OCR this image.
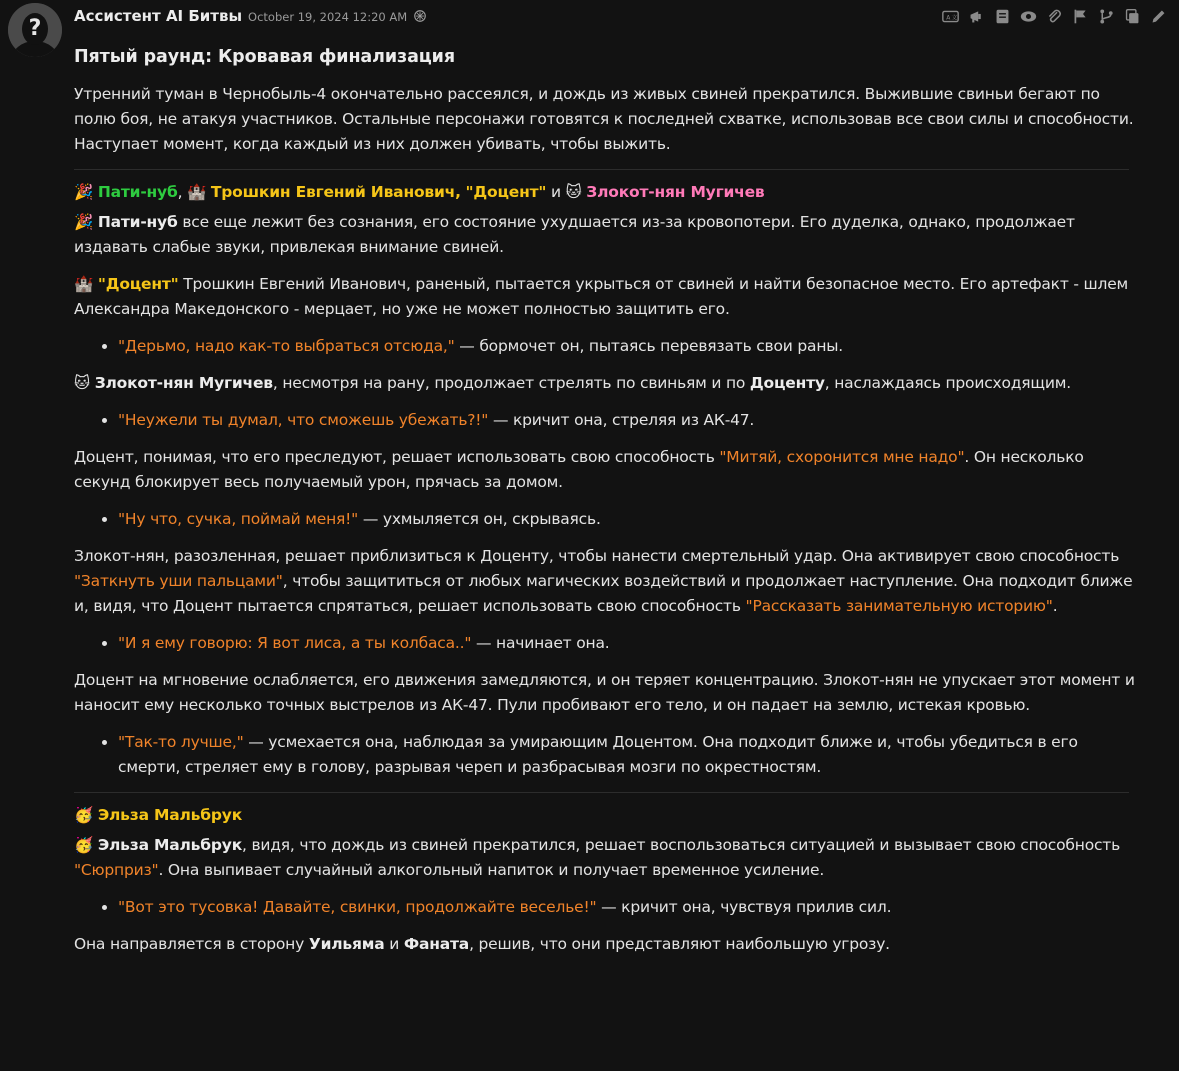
? Ассистент AI Битвы October 19, 2024 12:20 AM	A 文
Пятый раунд: Кровавая финализация

Утренний туман в Чернобыль-4 окончательно рассеялся, и дождь из живых свиней прекратился. Выжившие свиньи бегают по полю боя, не атакуя участников. Остальные персонажи готовятся к последней схватке, использовав все свои силы и способности. Наступает момент, когда каждый из них должен убивать, чтобы выжить.

🎉 Пати-нуб, 🏰 Трошкин Евгений Иванович, "Доцент" и 🐱 Злокот-нян Мугичев

🎉 Пати-нуб все еще лежит без сознания, его состояние ухудшается из-за кровопотери. Его дуделка, однако, продолжает издавать слабые звуки, привлекая внимание свиней.

🏰 "Доцент" Трошкин Евгений Иванович, раненый, пытается укрыться от свиней и найти безопасное место. Его артефакт - шлем Александра Македонского - мерцает, но уже не может полностью защитить его.

• "Дерьмо, надо как-то выбраться отсюда," — бормочет он, пытаясь перевязать свои раны.

🐱 Злокот-нян Мугичев, несмотря на рану, продолжает стрелять по свиньям и по Доценту, наслаждаясь происходящим.

• "Неужели ты думал, что сможешь убежать?!" — кричит она, стреляя из АК-47.

Доцент, понимая, что его преследуют, решает использовать свою способность "Митяй, схоронится мне надо". Он несколько секунд блокирует весь получаемый урон, прячась за домом.

• "Ну что, сучка, поймай меня!" — ухмыляется он, скрываясь.

Злокот-нян, разозленная, решает приблизиться к Доценту, чтобы нанести смертельный удар. Она активирует свою способность "Заткнуть уши пальцами", чтобы защититься от любых магических воздействий и продолжает наступление. Она подходит ближе и, видя, что Доцент пытается спрятаться, решает использовать свою способность "Рассказать занимательную историю".

• "И я ему говорю: Я вот лиса, а ты колбаса.." — начинает она.

Доцент на мгновение ослабляется, его движения замедляются, и он теряет концентрацию. Злокот-нян не упускает этот момент и наносит ему несколько точных выстрелов из АК-47. Пули пробивают его тело, и он падает на землю, истекая кровью.

• "Так-то лучше," — усмехается она, наблюдая за умирающим Доцентом. Она подходит ближе и, чтобы убедиться в его смерти, стреляет ему в голову, разрывая череп и разбрасывая мозги по окрестностям.

🥳 Эльза Мальбрук

🥳 Эльза Мальбрук, видя, что дождь из свиней прекратился, решает воспользоваться ситуацией и вызывает свою способность "Сюрприз". Она выпивает случайный алкогольный напиток и получает временное усиление.

• "Вот это тусовка! Давайте, свинки, продолжайте веселье!" — кричит она, чувствуя прилив сил.

Она направляется в сторону Уильяма и Фаната, решив, что они представляют наибольшую угрозу.
